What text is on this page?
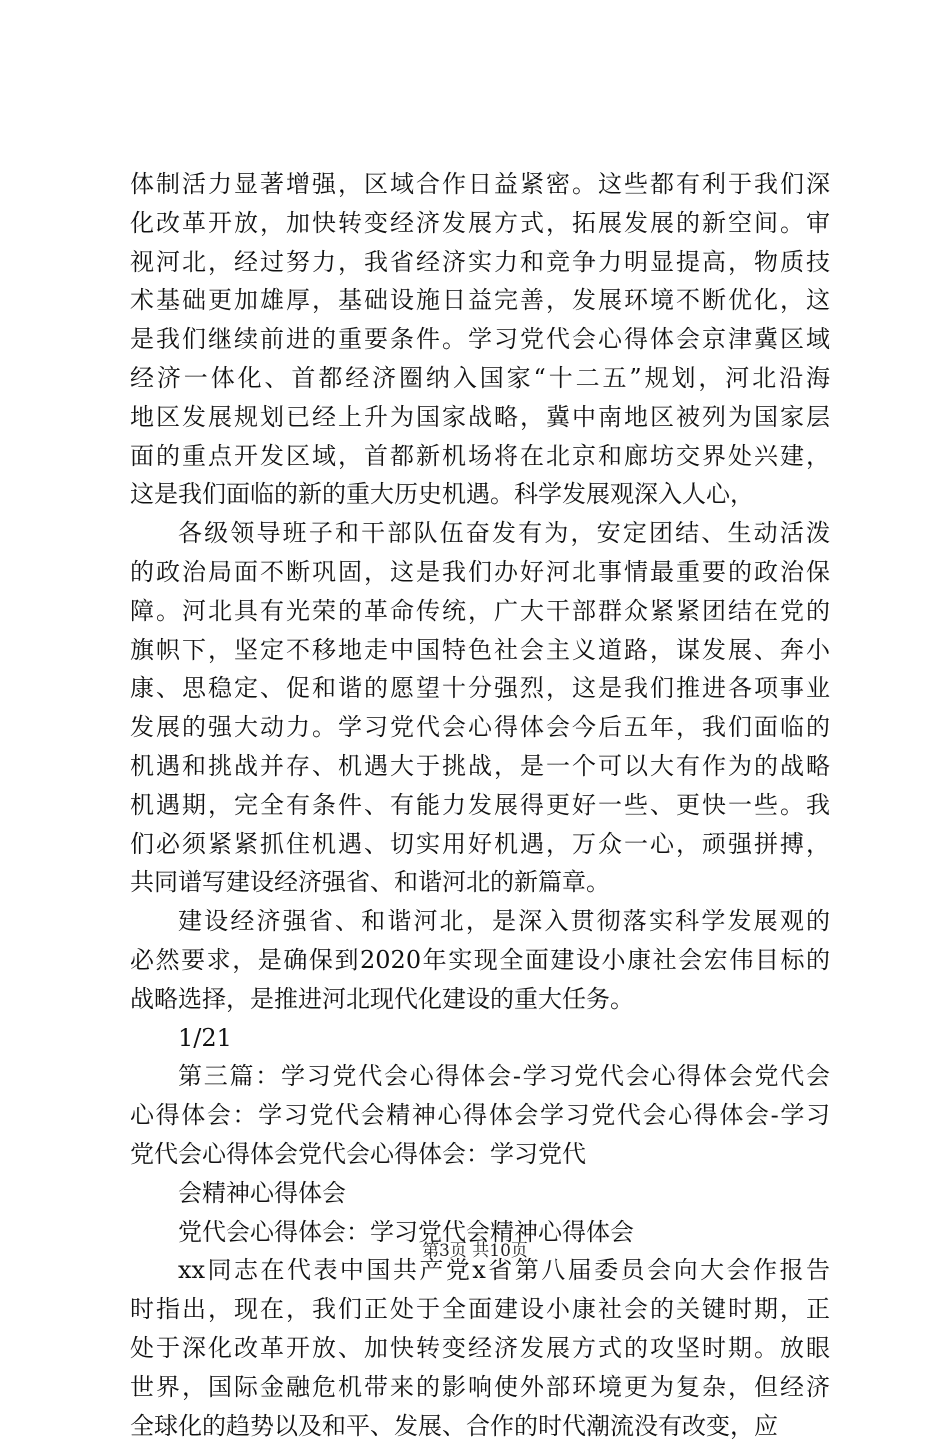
体制活力显著增强，区域合作日益紧密。这些都有利于我们深
化改革开放，加快转变经济发展方式，拓展发展的新空间。审
视河北，经过努力，我省经济实力和竞争力明显提高，物质技
术基础更加雄厚，基础设施日益完善，发展环境不断优化，这
是我们继续前进的重要条件。学习党代会心得体会京津冀区域
经济一体化、首都经济圈纳入国家“十二五”规划，河北沿海
地区发展规划已经上升为国家战略，冀中南地区被列为国家层
面的重点开发区域，首都新机场将在北京和廊坊交界处兴建，
这是我们面临的新的重大历史机遇。科学发展观深入人心，
各级领导班子和干部队伍奋发有为，安定团结、生动活泼
的政治局面不断巩固，这是我们办好河北事情最重要的政治保
障。河北具有光荣的革命传统，广大干部群众紧紧团结在党的
旗帜下，坚定不移地走中国特色社会主义道路，谋发展、奔小
康、思稳定、促和谐的愿望十分强烈，这是我们推进各项事业
发展的强大动力。学习党代会心得体会今后五年，我们面临的
机遇和挑战并存、机遇大于挑战，是一个可以大有作为的战略
机遇期，完全有条件、有能力发展得更好一些、更快一些。我
们必须紧紧抓住机遇、切实用好机遇，万众一心，顽强拼搏，
共同谱写建设经济强省、和谐河北的新篇章。
建设经济强省、和谐河北，是深入贯彻落实科学发展观的
必然要求，是确保到2020年实现全面建设小康社会宏伟目标的
战略选择，是推进河北现代化建设的重大任务。
1/21
第三篇：学习党代会心得体会-学习党代会心得体会党代会
心得体会：学习党代会精神心得体会学习党代会心得体会-学习
党代会心得体会党代会心得体会：学习党代
会精神心得体会
党代会心得体会：学习党代会精神心得体会
xx同志在代表中国共产党x省第八届委员会向大会作报告
时指出，现在，我们正处于全面建设小康社会的关键时期，正
处于深化改革开放、加快转变经济发展方式的攻坚时期。放眼
世界，国际金融危机带来的影响使外部环境更为复杂，但经济
全球化的趋势以及和平、发展、合作的时代潮流没有改变，应
第3页 共10页
